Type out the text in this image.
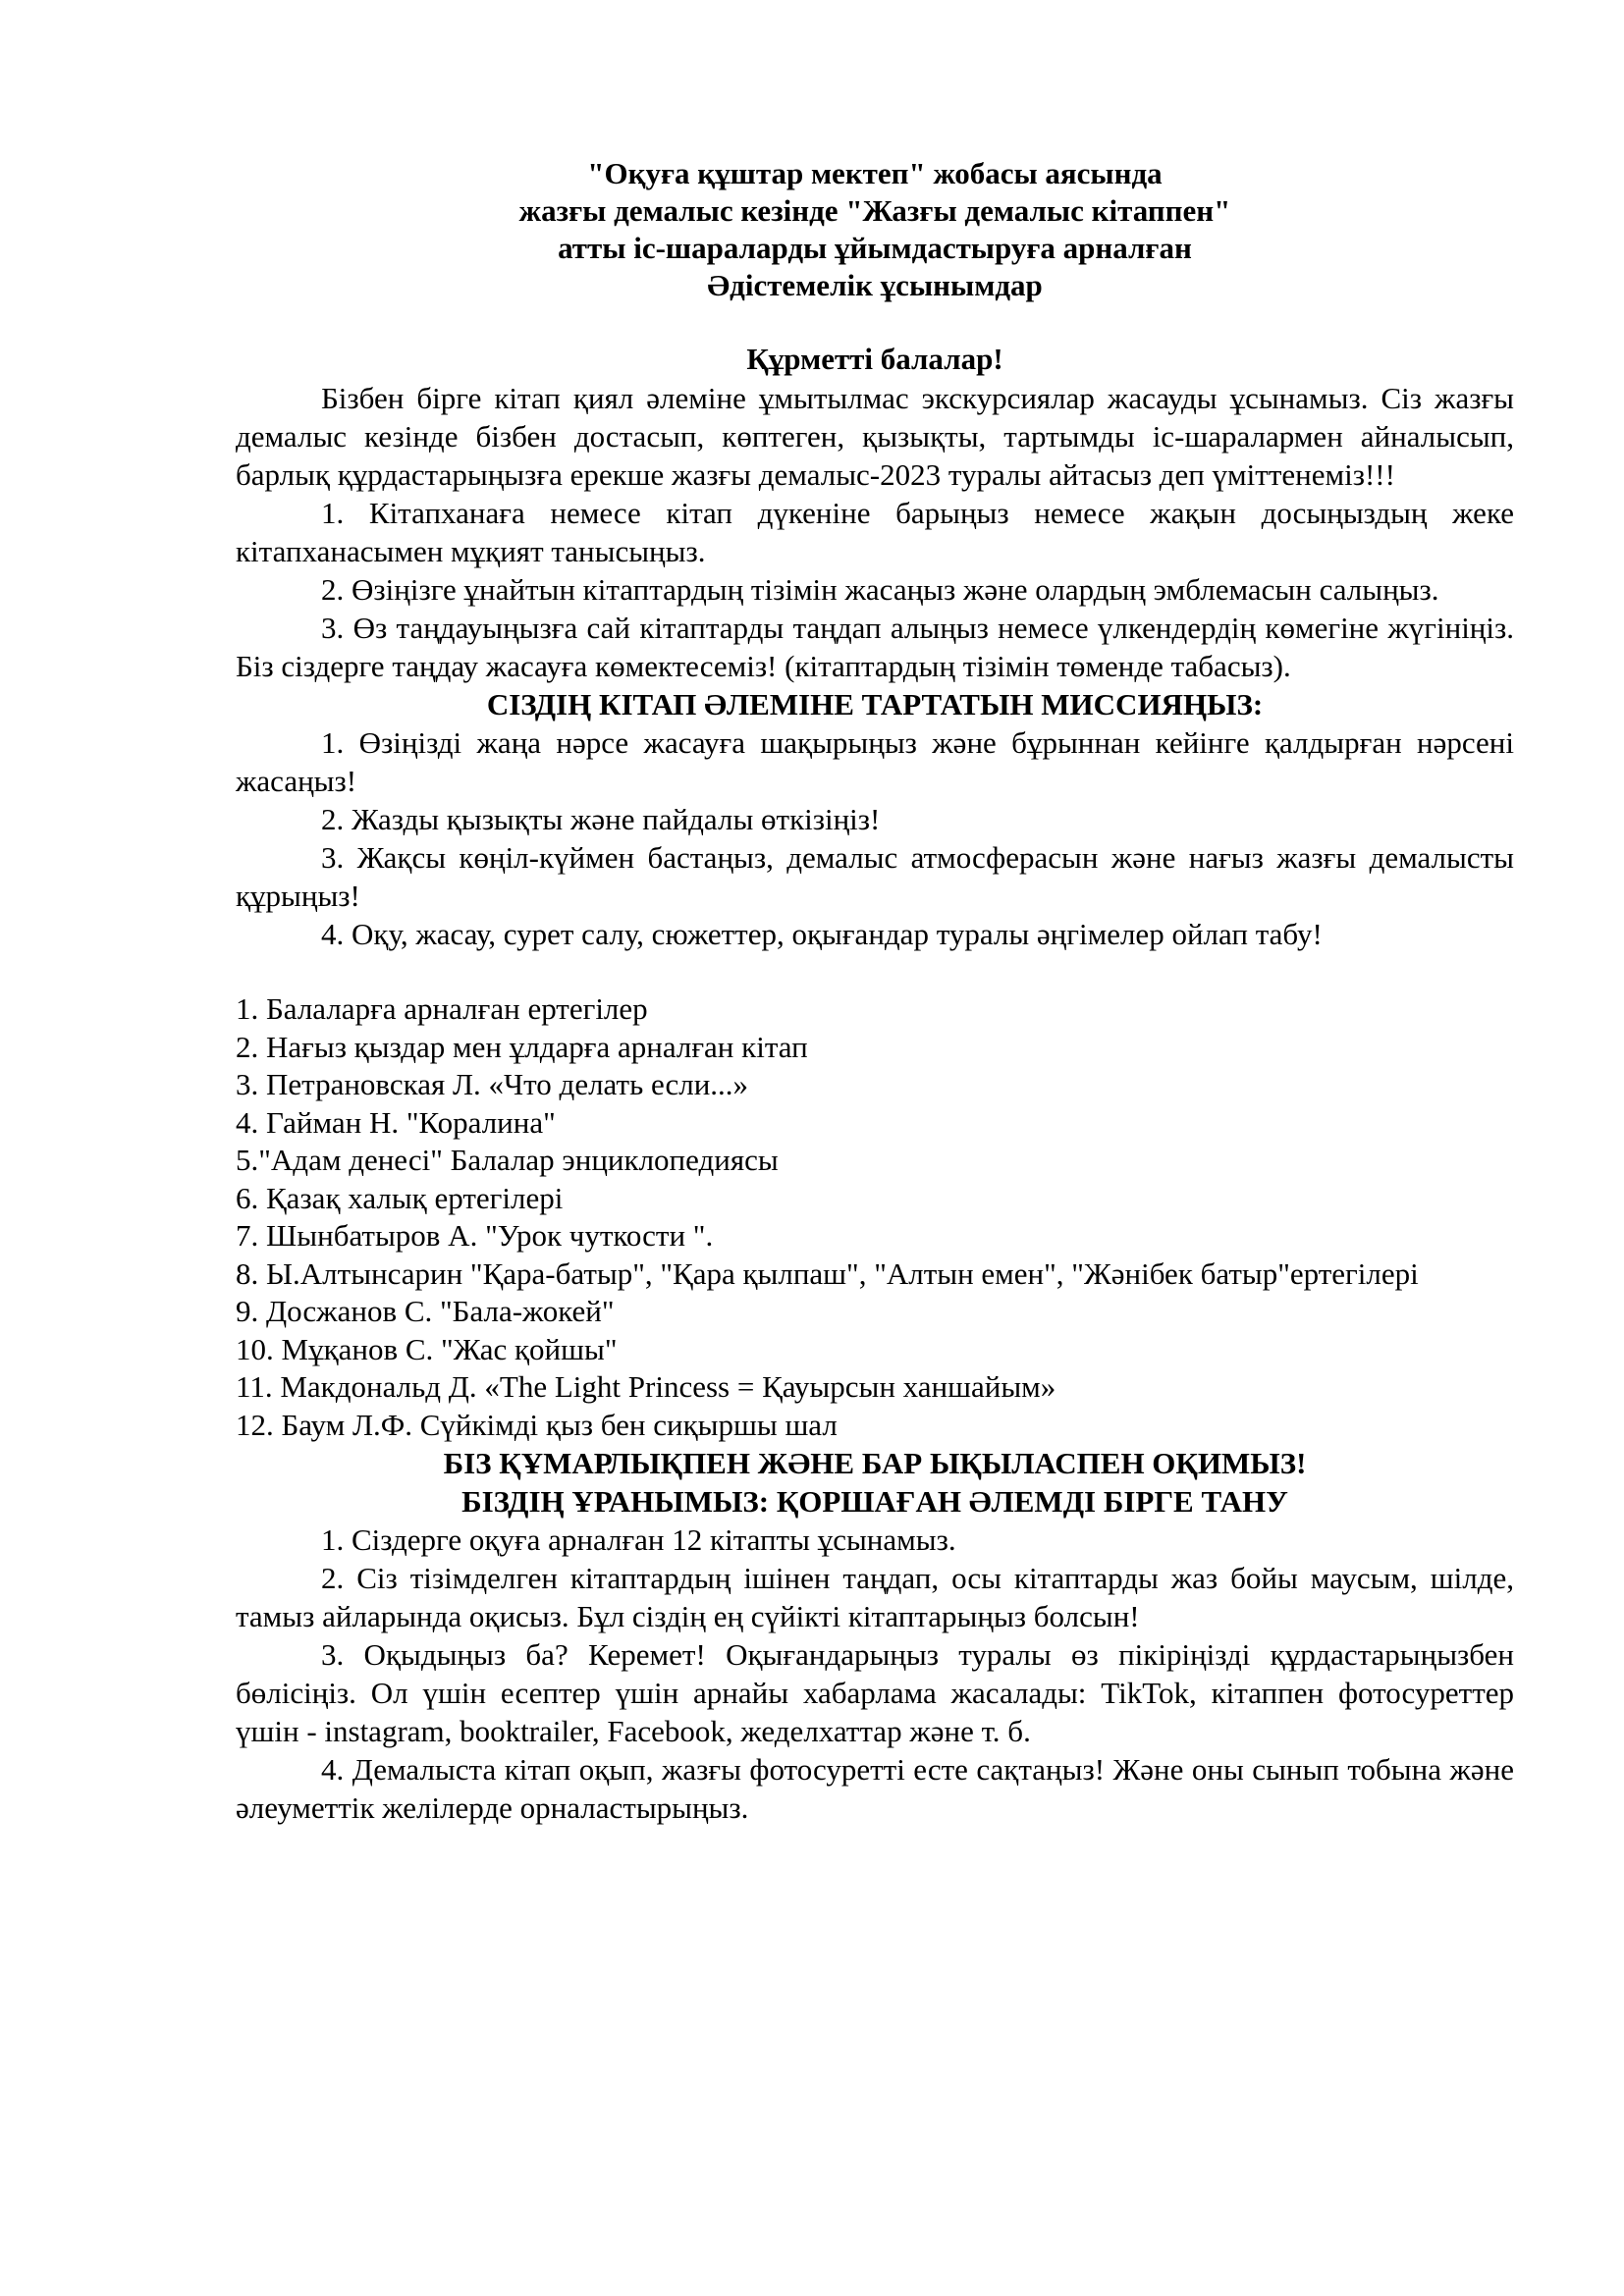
"Оқуға құштар мектеп" жобасы аясында
жазғы демалыс кезінде "Жазғы демалыс кітаппен"
атты іс-шараларды ұйымдастыруға арналған
Әдістемелік ұсынымдар
Құрметті балалар!

Бізбен бірге кітап қиял әлеміне ұмытылмас экскурсиялар жасауды ұсынамыз. Сіз жазғы демалыс кезінде бізбен достасып, көптеген, қызықты, тартымды іс-шаралармен айналысып, барлық құрдастарыңызға ерекше жазғы демалыс-2023 туралы айтасыз деп үміттенеміз!!!

1. Кітапханаға немесе кітап дүкеніне барыңыз немесе жақын досыңыздың жеке кітапханасымен мұқият танысыңыз.

2. Өзіңізге ұнайтын кітаптардың тізімін жасаңыз және олардың эмблемасын салыңыз.

3. Өз таңдауыңызға сай кітаптарды таңдап алыңыз немесе үлкендердің көмегіне жүгініңіз. Біз сіздерге таңдау жасауға көмектесеміз! (кітаптардың тізімін төменде табасыз).

СІЗДІҢ КІТАП ӘЛЕМІНЕ ТАРТАТЫН МИССИЯҢЫЗ:

1. Өзіңізді жаңа нәрсе жасауға шақырыңыз және бұрыннан кейінге қалдырған нәрсені жасаңыз!

2. Жазды қызықты және пайдалы өткізіңіз!

3. Жақсы көңіл-күймен бастаңыз, демалыс атмосферасын және нағыз жазғы демалысты құрыңыз!

4. Оқу, жасау, сурет салу, сюжеттер, оқығандар туралы әңгімелер ойлап табу!

1. Балаларға арналған ертегілер
2. Нағыз қыздар мен ұлдарға арналған кітап
3. Петрановская Л. «Что делать если...»
4. Гайман Н. "Коралина"
5."Адам денесі" Балалар энциклопедиясы
6. Қазақ халық ертегілері
7. Шынбатыров А. "Урок чуткости ".
8. Ы.Алтынсарин "Қара-батыр", "Қара қылпаш", "Алтын емен", "Жәнібек батыр"ертегілері
9. Досжанов С. "Бала-жокей"
10. Мұқанов С. "Жас қойшы"
11. Макдональд Д. «The Light Princess = Қауырсын ханшайым»
12. Баум Л.Ф. Сүйкімді қыз бен сиқыршы шал
БІЗ ҚҰМАРЛЫҚПЕН ЖӘНЕ БАР ЫҚЫЛАСПЕН ОҚИМЫЗ!
БІЗДІҢ ҰРАНЫМЫЗ: ҚОРШАҒАН ӘЛЕМДІ БІРГЕ ТАНУ

1. Сіздерге оқуға арналған 12 кітапты ұсынамыз.

2. Сіз тізімделген кітаптардың ішінен таңдап, осы кітаптарды жаз бойы маусым, шілде, тамыз айларында оқисыз. Бұл сіздің ең сүйікті кітаптарыңыз болсын!

3. Оқыдыңыз ба? Керемет! Оқығандарыңыз туралы өз пікіріңізді құрдастарыңызбен бөлісіңіз. Ол үшін есептер үшін арнайы хабарлама жасалады: TikTok, кітаппен фотосуреттер үшін - instagram, booktrailer, Facebook, жеделхаттар және т. б.

4. Демалыста кітап оқып, жазғы фотосуретті есте сақтаңыз! Және оны сынып тобына және әлеуметтік желілерде орналастырыңыз.
